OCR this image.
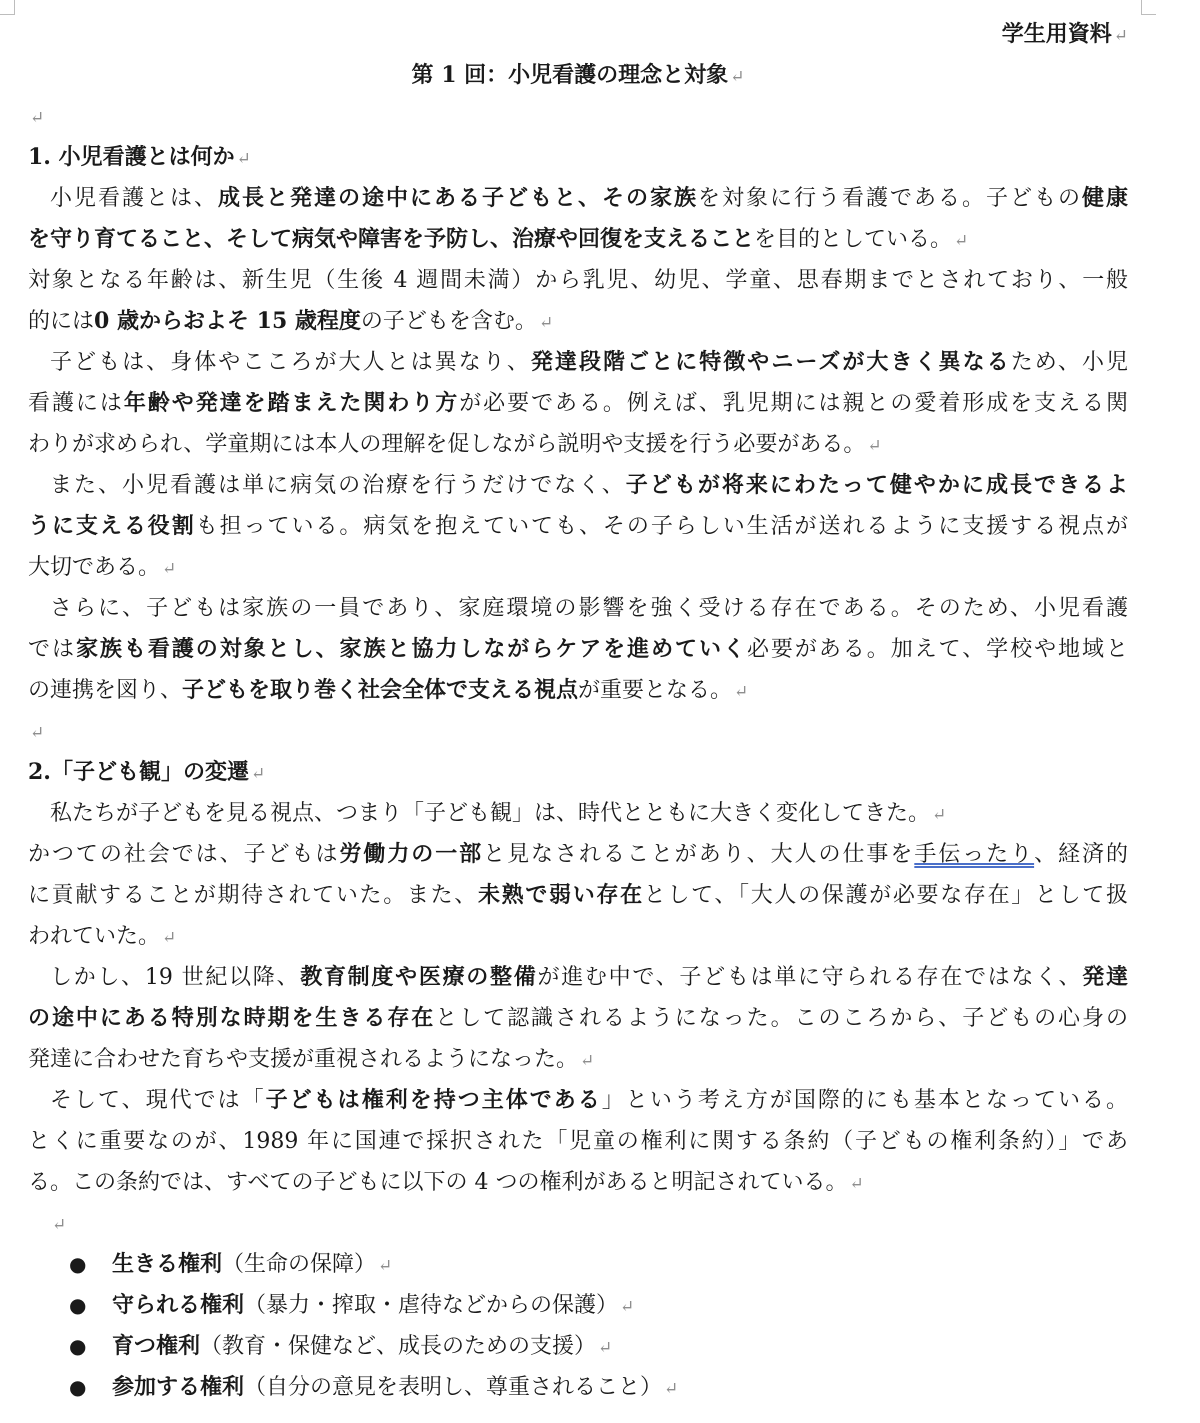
学生用資料 ↵
第 1 回：小児看護の理念と対象 ↵
↵
1. 小児看護とは何か ↵
小児看護とは、成長と発達の途中にある子どもと、その家族を対象に行う看護である。子どもの健康
を守り育てること、そして病気や障害を予防し、治療や回復を支えることを目的としている。 ↵
対象となる年齢は、新生児（生後 4 週間未満）から乳児、幼児、学童、思春期までとされており、一般
的には0 歳からおよそ 15 歳程度の子どもを含む。 ↵
子どもは、身体やこころが大人とは異なり、発達段階ごとに特徴やニーズが大きく異なるため、小児
看護には年齢や発達を踏まえた関わり方が必要である。例えば、乳児期には親との愛着形成を支える関
わりが求められ、学童期には本人の理解を促しながら説明や支援を行う必要がある。 ↵
また、小児看護は単に病気の治療を行うだけでなく、子どもが将来にわたって健やかに成長できるよ
うに支える役割も担っている。病気を抱えていても、その子らしい生活が送れるように支援する視点が
大切である。 ↵
さらに、子どもは家族の一員であり、家庭環境の影響を強く受ける存在である。そのため、小児看護
では家族も看護の対象とし、家族と協力しながらケアを進めていく必要がある。加えて、学校や地域と
の連携を図り、子どもを取り巻く社会全体で支える視点が重要となる。 ↵
↵
2.「子ども観」の変遷 ↵
私たちが子どもを見る視点、つまり「子ども観」は、時代とともに大きく変化してきた。 ↵
かつての社会では、子どもは労働力の一部と見なされることがあり、大人の仕事を手伝ったり、経済的
に貢献することが期待されていた。また、未熟で弱い存在として、「大人の保護が必要な存在」として扱
われていた。 ↵
しかし、19 世紀以降、教育制度や医療の整備が進む中で、子どもは単に守られる存在ではなく、発達
の途中にある特別な時期を生きる存在として認識されるようになった。このころから、子どもの心身の
発達に合わせた育ちや支援が重視されるようになった。 ↵
そして、現代では「子どもは権利を持つ主体である」という考え方が国際的にも基本となっている。
とくに重要なのが、1989 年に国連で採択された「児童の権利に関する条約（子どもの権利条約）」であ
る。この条約では、すべての子どもに以下の 4 つの権利があると明記されている。 ↵
↵
● 生きる権利（生命の保障） ↵
● 守られる権利（暴力・搾取・虐待などからの保護） ↵
● 育つ権利（教育・保健など、成長のための支援） ↵
● 参加する権利（自分の意見を表明し、尊重されること） ↵
